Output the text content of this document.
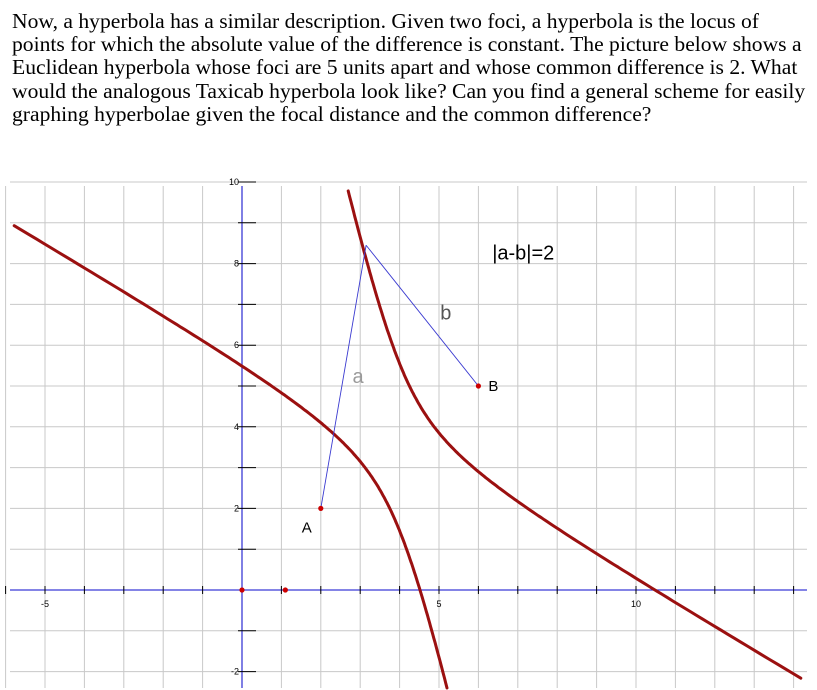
Now, a hyperbola has a similar description. Given two foci, a hyperbola is the locus of points for which the absolute value of the difference is constant. The picture below shows a Euclidean hyperbola whose foci are 5 units apart and whose common difference is 2. What would the analogous Taxicab hyperbola look like? Can you find a general scheme for easily graphing hyperbolae given the focal distance and the common difference?

-5	5	10
10
8
6
4
2
-2
A
B
a
b
|a-b|=2
